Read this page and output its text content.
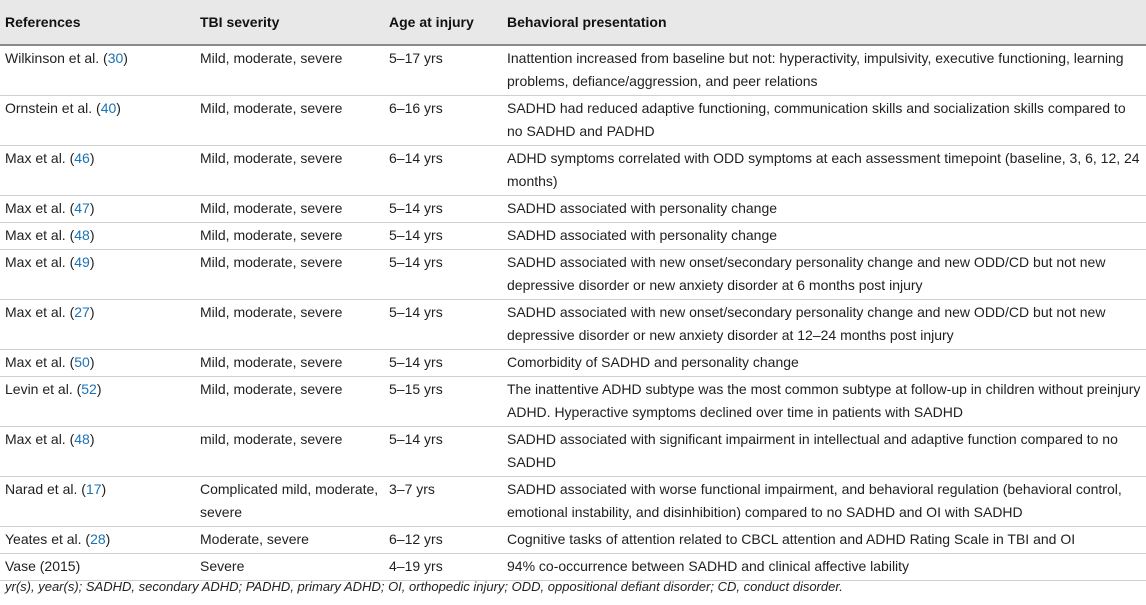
References	TBI severity	Age at injury	Behavioral presentation
Wilkinson et al. (30)	Mild, moderate, severe	5–17 yrs	Inattention increased from baseline but not: hyperactivity, impulsivity, executive functioning, learning problems, defiance/aggression, and peer relations
Ornstein et al. (40)	Mild, moderate, severe	6–16 yrs	SADHD had reduced adaptive functioning, communication skills and socialization skills compared to no SADHD and PADHD
Max et al. (46)	Mild, moderate, severe	6–14 yrs	ADHD symptoms correlated with ODD symptoms at each assessment timepoint (baseline, 3, 6, 12, 24 months)
Max et al. (47)	Mild, moderate, severe	5–14 yrs	SADHD associated with personality change
Max et al. (48)	Mild, moderate, severe	5–14 yrs	SADHD associated with personality change
Max et al. (49)	Mild, moderate, severe	5–14 yrs	SADHD associated with new onset/secondary personality change and new ODD/CD but not new depressive disorder or new anxiety disorder at 6 months post injury
Max et al. (27)	Mild, moderate, severe	5–14 yrs	SADHD associated with new onset/secondary personality change and new ODD/CD but not new depressive disorder or new anxiety disorder at 12–24 months post injury
Max et al. (50)	Mild, moderate, severe	5–14 yrs	Comorbidity of SADHD and personality change
Levin et al. (52)	Mild, moderate, severe	5–15 yrs	The inattentive ADHD subtype was the most common subtype at follow-up in children without preinjury ADHD. Hyperactive symptoms declined over time in patients with SADHD
Max et al. (48)	mild, moderate, severe	5–14 yrs	SADHD associated with significant impairment in intellectual and adaptive function compared to no SADHD
Narad et al. (17)	Complicated mild, moderate, severe	3–7 yrs	SADHD associated with worse functional impairment, and behavioral regulation (behavioral control, emotional instability, and disinhibition) compared to no SADHD and OI with SADHD
Yeates et al. (28)	Moderate, severe	6–12 yrs	Cognitive tasks of attention related to CBCL attention and ADHD Rating Scale in TBI and OI
Vase (2015)	Severe	4–19 yrs	94% co-occurrence between SADHD and clinical affective lability
yr(s), year(s); SADHD, secondary ADHD; PADHD, primary ADHD; OI, orthopedic injury; ODD, oppositional defiant disorder; CD, conduct disorder.
